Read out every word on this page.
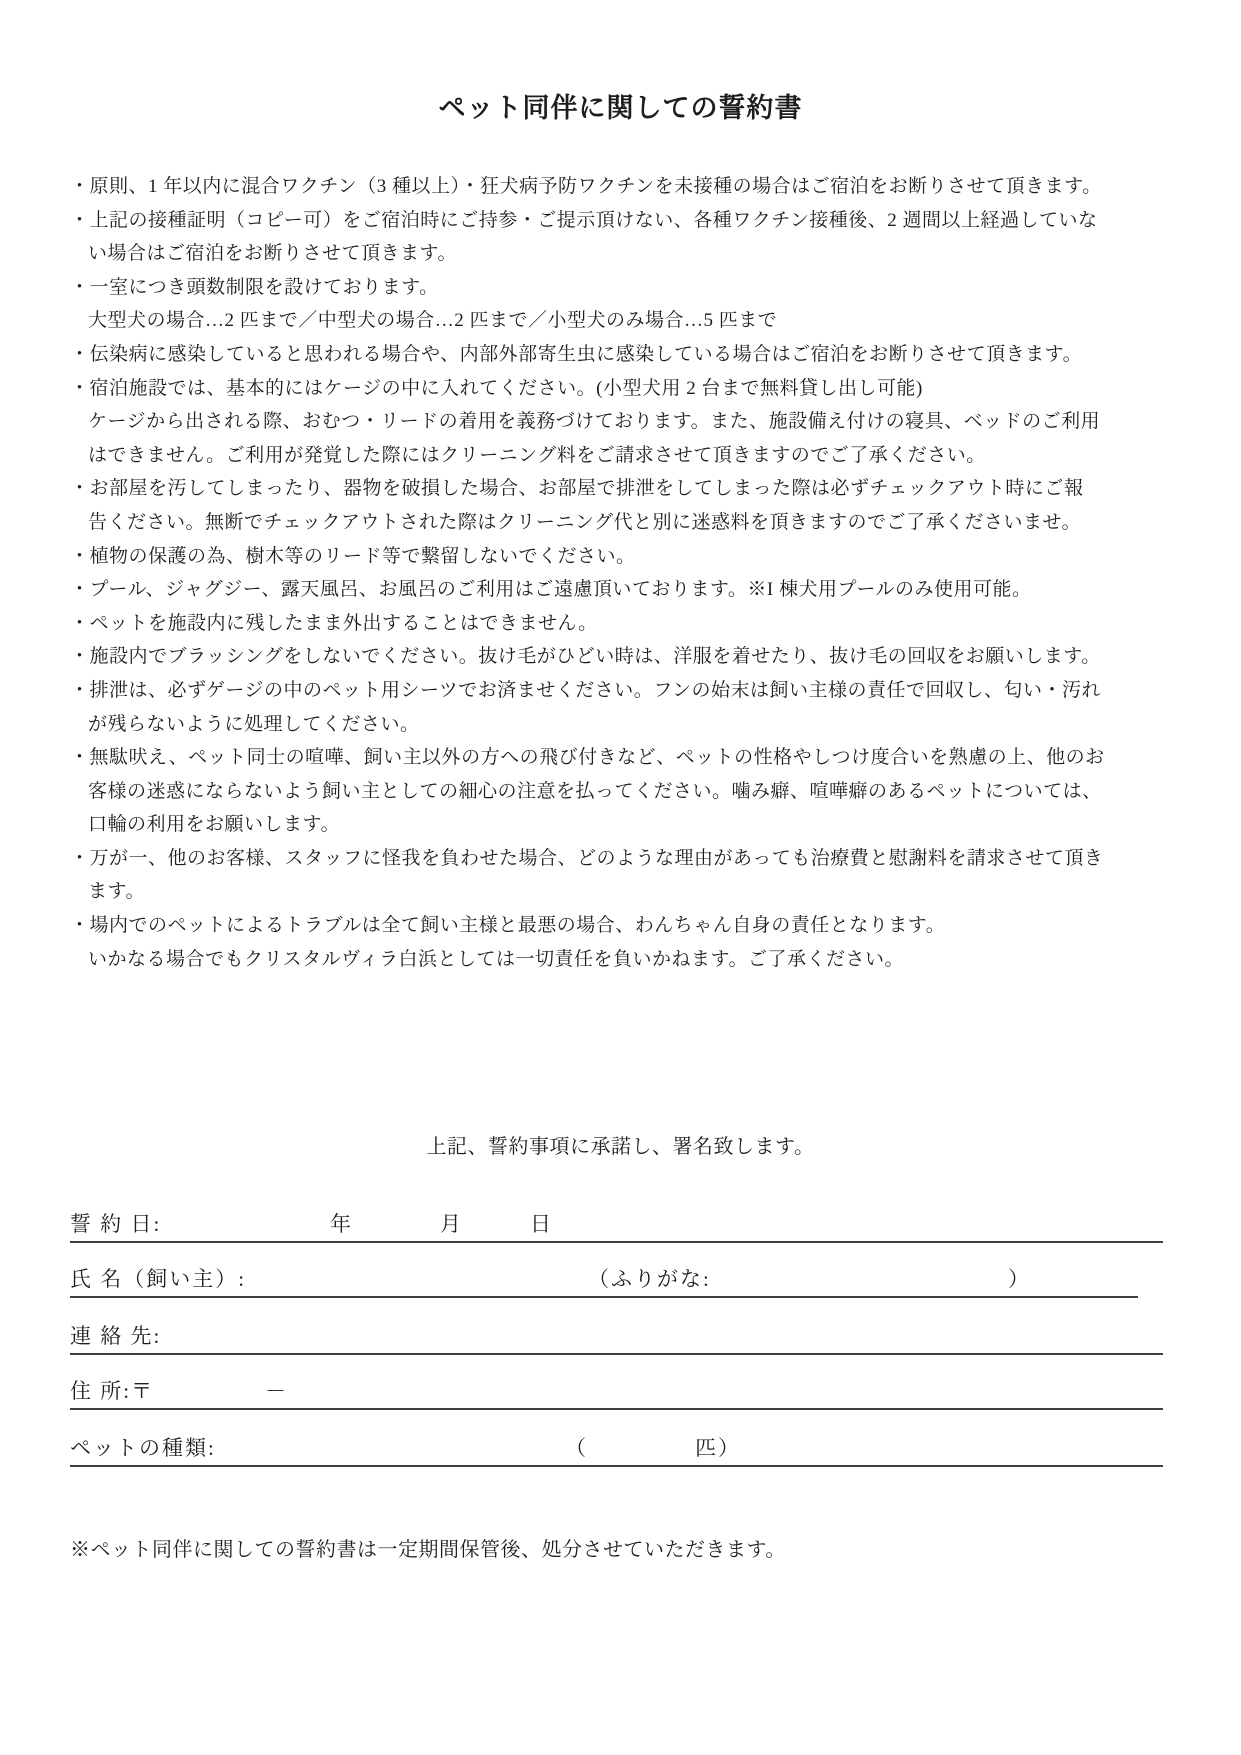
ペット同伴に関しての誓約書
・原則、1 年以内に混合ワクチン（3 種以上）・狂犬病予防ワクチンを未接種の場合はご宿泊をお断りさせて頂きます。
・上記の接種証明（コピー可）をご宿泊時にご持参・ご提示頂けない、各種ワクチン接種後、2 週間以上経過していな
い場合はご宿泊をお断りさせて頂きます。
・一室につき頭数制限を設けております。
大型犬の場合…2 匹まで／中型犬の場合…2 匹まで／小型犬のみ場合…5 匹まで
・伝染病に感染していると思われる場合や、内部外部寄生虫に感染している場合はご宿泊をお断りさせて頂きます。
・宿泊施設では、基本的にはケージの中に入れてください。(小型犬用 2 台まで無料貸し出し可能)
ケージから出される際、おむつ・リードの着用を義務づけております。また、施設備え付けの寝具、ベッドのご利用
はできません。ご利用が発覚した際にはクリーニング料をご請求させて頂きますのでご了承ください。
・お部屋を汚してしまったり、器物を破損した場合、お部屋で排泄をしてしまった際は必ずチェックアウト時にご報
告ください。無断でチェックアウトされた際はクリーニング代と別に迷惑料を頂きますのでご了承くださいませ。
・植物の保護の為、樹木等のリード等で繋留しないでください。
・プール、ジャグジー、露天風呂、お風呂のご利用はご遠慮頂いております。※I 棟犬用プールのみ使用可能。
・ペットを施設内に残したまま外出することはできません。
・施設内でブラッシングをしないでください。抜け毛がひどい時は、洋服を着せたり、抜け毛の回収をお願いします。
・排泄は、必ずゲージの中のペット用シーツでお済ませください。フンの始末は飼い主様の責任で回収し、匂い・汚れ
が残らないように処理してください。
・無駄吠え、ペット同士の喧嘩、飼い主以外の方への飛び付きなど、ペットの性格やしつけ度合いを熟慮の上、他のお
客様の迷惑にならないよう飼い主としての細心の注意を払ってください。噛み癖、喧嘩癖のあるペットについては、
口輪の利用をお願いします。
・万が一、他のお客様、スタッフに怪我を負わせた場合、どのような理由があっても治療費と慰謝料を請求させて頂き
ます。
・場内でのペットによるトラブルは全て飼い主様と最悪の場合、わんちゃん自身の責任となります。
いかなる場合でもクリスタルヴィラ白浜としては一切責任を負いかねます。ご了承ください。
上記、誓約事項に承諾し、署名致します。
誓 約 日:	年	月	日
氏 名（飼い主）:	（ふりがな:	）
連 絡 先:
住 所:〒	－
ペットの種類:	（	匹）
※ペット同伴に関しての誓約書は一定期間保管後、処分させていただきます。
